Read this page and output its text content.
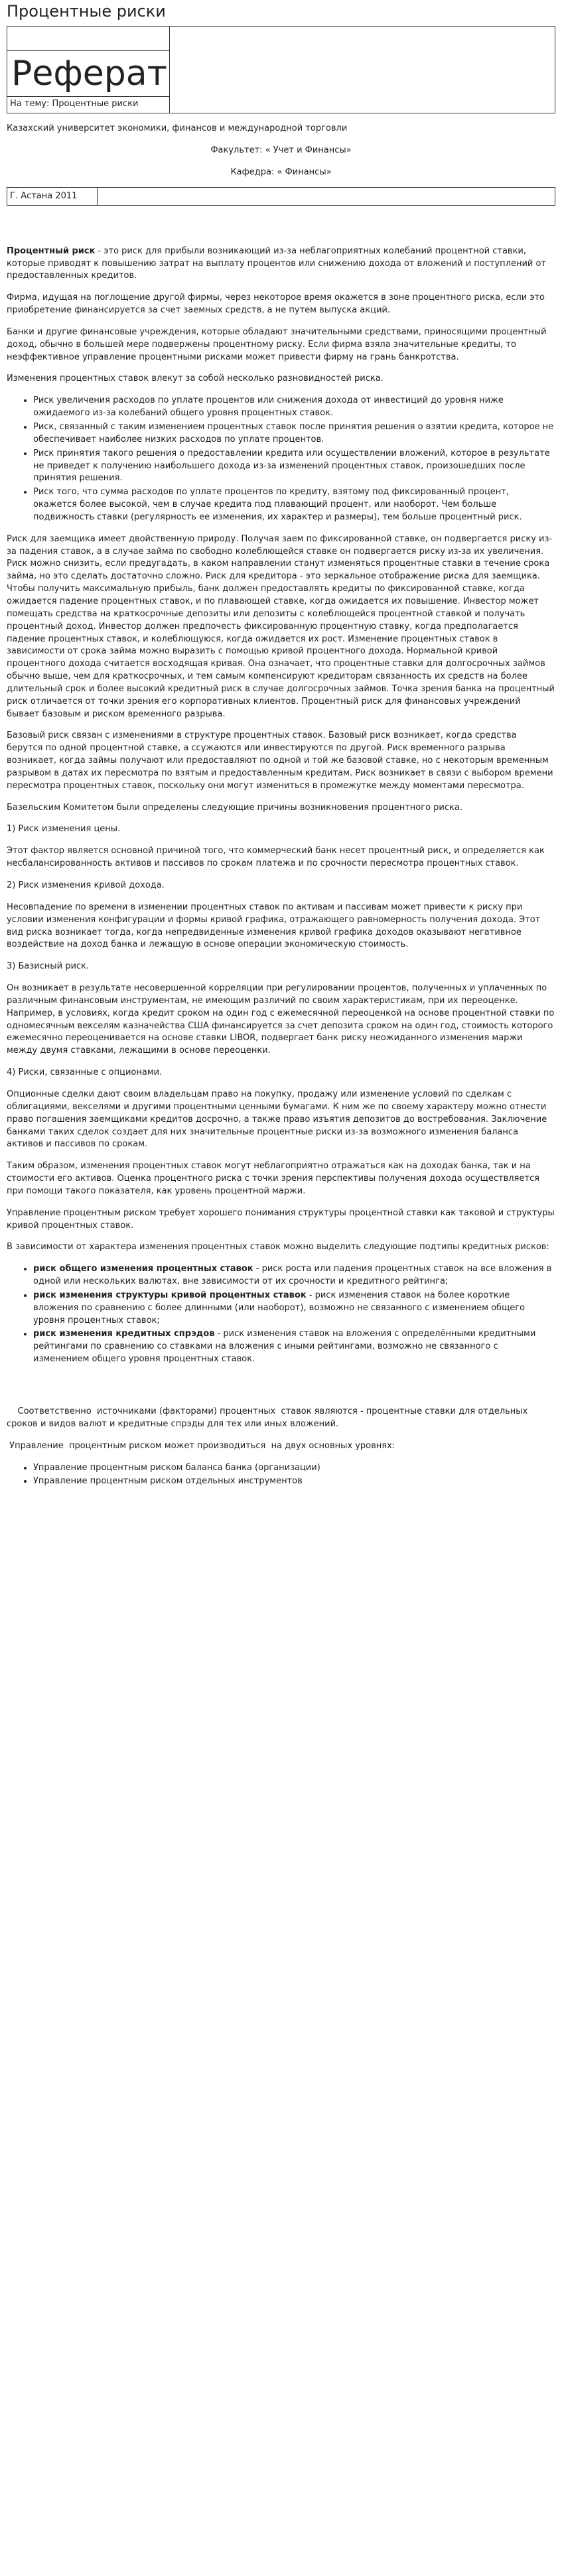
Процентные риски
Реферат
На тему: Процентные риски
Казахский университет экономики, финансов и международной торговли
Факультет: « Учет и Финансы»
Кафедра: « Финансы»
Г. Астана 2011

Процентный риск - это риск для прибыли возникающий из-за неблагоприятных колебаний процентной ставки, которые приводят к повышению затрат на выплату процентов или снижению дохода от вложений и поступлений от предоставленных кредитов.

Фирма, идущая на поглощение другой фирмы, через некоторое время окажется в зоне процентного риска, если это приобретение финансируется за счет заемных средств, а не путем выпуска акций.

Банки и другие финансовые учреждения, которые обладают значительными средствами, приносящими процентный доход, обычно в большей мере подвержены процентному риску. Если фирма взяла значительные кредиты, то неэффективное управление процентными рисками может привести фирму на грань банкротства.

Изменения процентных ставок влекут за собой несколько разновидностей риска.

• Риск увеличения расходов по уплате процентов или снижения дохода от инвестиций до уровня ниже ожидаемого из-за колебаний общего уровня процентных ставок.
• Риск, связанный с таким изменением процентных ставок после принятия решения о взятии кредита, которое не обеспечивает наиболее низких расходов по уплате процентов.
• Риск принятия такого решения о предоставлении кредита или осуществлении вложений, которое в результате не приведет к получению наибольшего дохода из-за изменений процентных ставок, произошедших после принятия решения.
• Риск того, что сумма расходов по уплате процентов по кредиту, взятому под фиксированный процент, окажется более высокой, чем в случае кредита под плавающий процент, или наоборот. Чем больше подвижность ставки (регулярность ее изменения, их характер и размеры), тем больше процентный риск.

Риск для заемщика имеет двойственную природу. Получая заем по фиксированной ставке, он подвергается риску из-за падения ставок, а в случае займа по свободно колеблющейся ставке он подвергается риску из-за их увеличения. Риск можно снизить, если предугадать, в каком направлении станут изменяться процентные ставки в течение срока займа, но это сделать достаточно сложно. Риск для кредитора - это зеркальное отображение риска для заемщика. Чтобы получить максимальную прибыль, банк должен предоставлять кредиты по фиксированной ставке, когда ожидается падение процентных ставок, и по плавающей ставке, когда ожидается их повышение. Инвестор может помещать средства на краткосрочные депозиты или депозиты с колеблющейся процентной ставкой и получать процентный доход. Инвестор должен предпочесть фиксированную процентную ставку, когда предполагается падение процентных ставок, и колеблющуюся, когда ожидается их рост. Изменение процентных ставок в зависимости от срока займа можно выразить с помощью кривой процентного дохода. Нормальной кривой процентного дохода считается восходящая кривая. Она означает, что процентные ставки для долгосрочных займов обычно выше, чем для краткосрочных, и тем самым компенсируют кредиторам связанность их средств на более длительный срок и более высокий кредитный риск в случае долгосрочных займов. Точка зрения банка на процентный риск отличается от точки зрения его корпоративных клиентов. Процентный риск для финансовых учреждений бывает базовым и риском временного разрыва.

Базовый риск связан с изменениями в структуре процентных ставок. Базовый риск возникает, когда средства берутся по одной процентной ставке, а ссужаются или инвестируются по другой. Риск временного разрыва возникает, когда займы получают или предоставляют по одной и той же базовой ставке, но с некоторым временным разрывом в датах их пересмотра по взятым и предоставленным кредитам. Риск возникает в связи с выбором времени пересмотра процентных ставок, поскольку они могут измениться в промежутке между моментами пересмотра.

Базельским Комитетом были определены следующие причины возникновения процентного риска.

1) Риск изменения цены.

Этот фактор является основной причиной того, что коммерческий банк несет процентный риск, и определяется как несбалансированность активов и пассивов по срокам платежа и по срочности пересмотра процентных ставок.

2) Риск изменения кривой дохода.

Несовпадение по времени в изменении процентных ставок по активам и пассивам может привести к риску при условии изменения конфигурации и формы кривой графика, отражающего равномерность получения дохода. Этот вид риска возникает тогда, когда непредвиденные изменения кривой графика доходов оказывают негативное воздействие на доход банка и лежащую в основе операции экономическую стоимость.

3) Базисный риск.

Он возникает в результате несовершенной корреляции при регулировании процентов, полученных и уплаченных по различным финансовым инструментам, не имеющим различий по своим характеристикам, при их переоценке. Например, в условиях, когда кредит сроком на один год с ежемесячной переоценкой на основе процентной ставки по одномесячным векселям казначейства США финансируется за счет депозита сроком на один год, стоимость которого ежемесячно переоценивается на основе ставки LIBOR, подвергает банк риску неожиданного изменения маржи между двумя ставками, лежащими в основе переоценки.

4) Риски, связанные с опционами.

Опционные сделки дают своим владельцам право на покупку, продажу или изменение условий по сделкам с облигациями, векселями и другими процентными ценными бумагами. К ним же по своему характеру можно отнести право погашения заемщиками кредитов досрочно, а также право изъятия депозитов до востребования. Заключение банками таких сделок создает для них значительные процентные риски из-за возможного изменения баланса активов и пассивов по срокам.

Таким образом, изменения процентных ставок могут неблагоприятно отражаться как на доходах банка, так и на стоимости его активов. Оценка процентного риска с точки зрения перспективы получения дохода осуществляется при помощи такого показателя, как уровень процентной маржи.

Управление процентным риском требует хорошего понимания структуры процентной ставки как таковой и структуры кривой процентных ставок.

В зависимости от характера изменения процентных ставок можно выделить следующие подтипы кредитных рисков:

• риск общего изменения процентных ставок - риск роста или падения процентных ставок на все вложения в одной или нескольких валютах, вне зависимости от их срочности и кредитного рейтинга;
• риск изменения структуры кривой процентных ставок - риск изменения ставок на более короткие вложения по сравнению с более длинными (или наоборот), возможно не связанного с изменением общего уровня процентных ставок;
• риск изменения кредитных спрэдов - риск изменения ставок на вложения с определёнными кредитными рейтингами по сравнению со ставками на вложения с иными рейтингами, возможно не связанного с изменением общего уровня процентных ставок.

Соответственно  источниками (факторами) процентных  ставок являются - процентные ставки для отдельных сроков и видов валют и кредитные спрэды для тех или иных вложений.

Управление  процентным риском может производиться  на двух основных уровнях:

• Управление процентным риском баланса банка (организации)
• Управление процентным риском отдельных инструментов
